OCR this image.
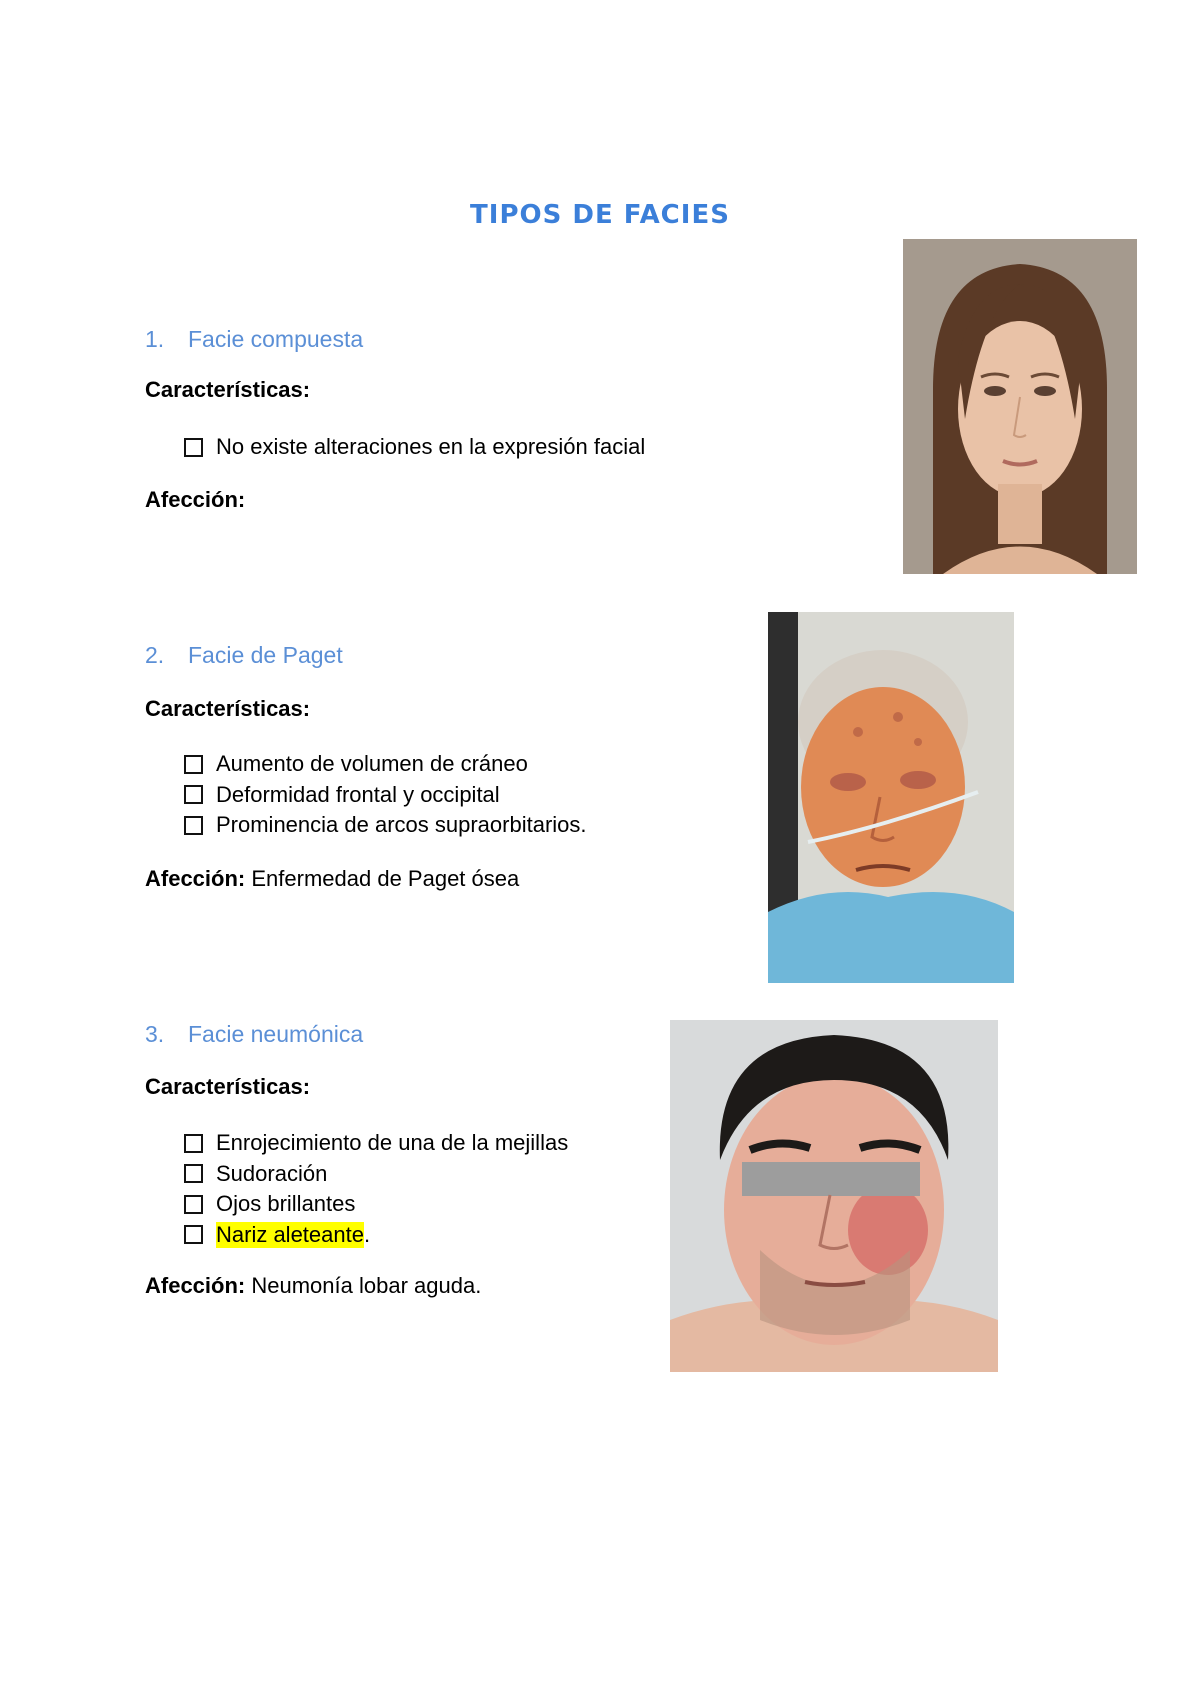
TIPOS DE FACIES
1. Facie compuesta
Características:
No existe alteraciones en la expresión facial
Afección:
2. Facie de Paget
Características:
Aumento de volumen de cráneo
Deformidad frontal y occipital
Prominencia de arcos supraorbitarios.
Afección: Enfermedad de Paget ósea
3. Facie neumónica
Características:
Enrojecimiento de una de la mejillas
Sudoración
Ojos brillantes
Nariz aleteante .
Afección: Neumonía lobar aguda.
